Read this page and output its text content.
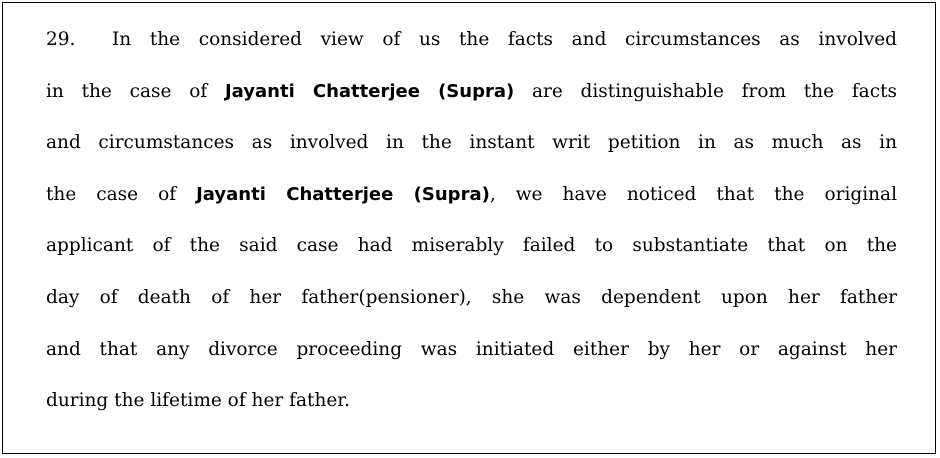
29. In the considered view of us the facts and circumstances as involved
in the case of Jayanti Chatterjee (Supra) are distinguishable from the facts
and circumstances as involved in the instant writ petition in as much as in
the case of Jayanti Chatterjee (Supra), we have noticed that the original
applicant of the said case had miserably failed to substantiate that on the
day of death of her father(pensioner), she was dependent upon her father
and that any divorce proceeding was initiated either by her or against her
during the lifetime of her father.
